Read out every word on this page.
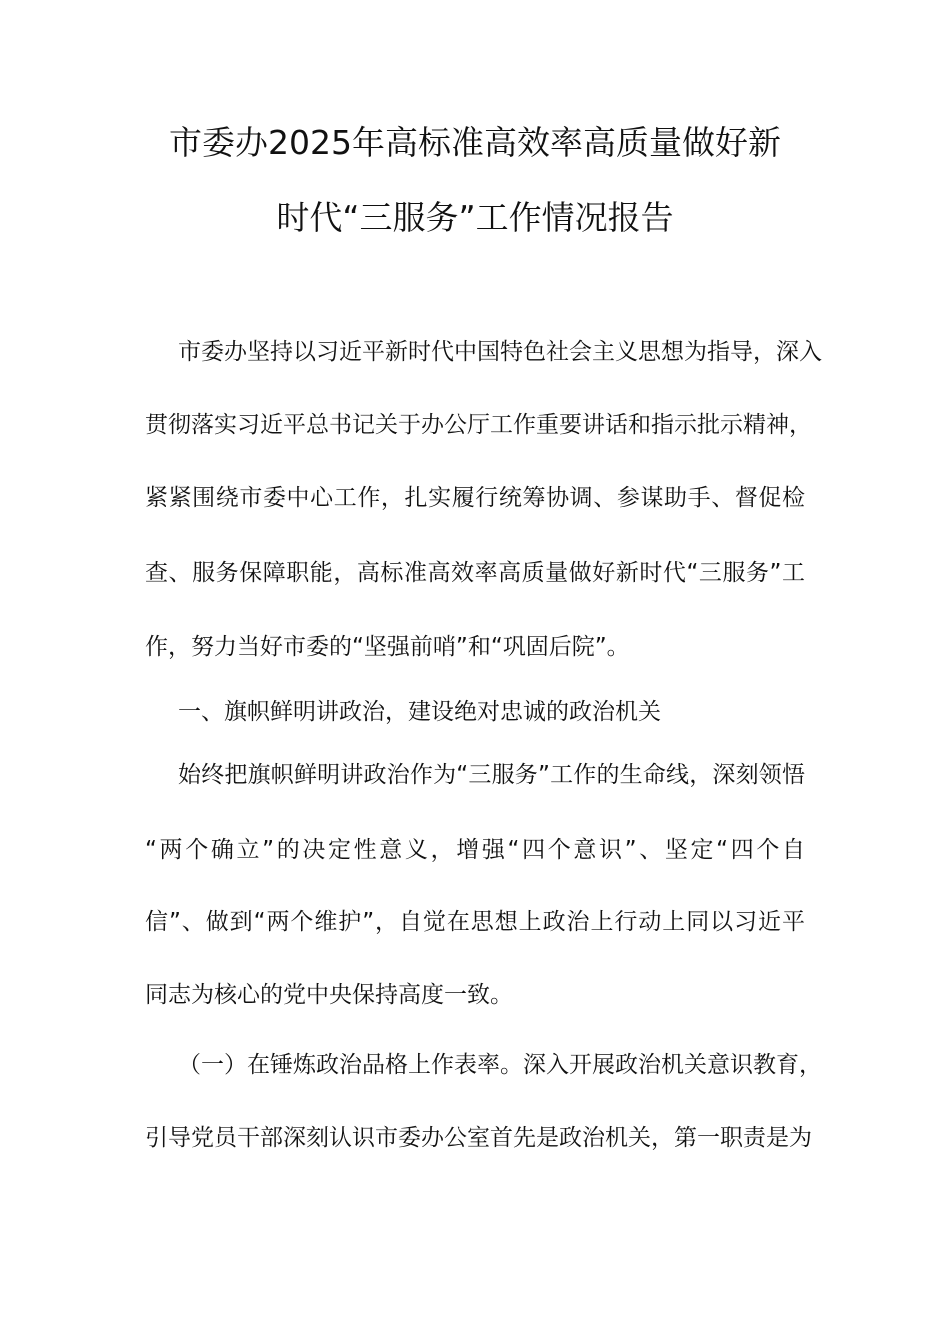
市委办2025年高标准高效率高质量做好新
时代“三服务”工作情况报告
市委办坚持以习近平新时代中国特色社会主义思想为指导，深入
贯彻落实习近平总书记关于办公厅工作重要讲话和指示批示精神，
紧紧围绕市委中心工作，扎实履行统筹协调、参谋助手、督促检
查、服务保障职能，高标准高效率高质量做好新时代“三服务”工
作，努力当好市委的“坚强前哨”和“巩固后院”。
一、旗帜鲜明讲政治，建设绝对忠诚的政治机关
始终把旗帜鲜明讲政治作为“三服务”工作的生命线，深刻领悟
“两个确立”的决定性意义，增强“四个意识”、坚定“四个自
信”、做到“两个维护”，自觉在思想上政治上行动上同以习近平
同志为核心的党中央保持高度一致。
（一）在锤炼政治品格上作表率。深入开展政治机关意识教育，
引导党员干部深刻认识市委办公室首先是政治机关，第一职责是为
